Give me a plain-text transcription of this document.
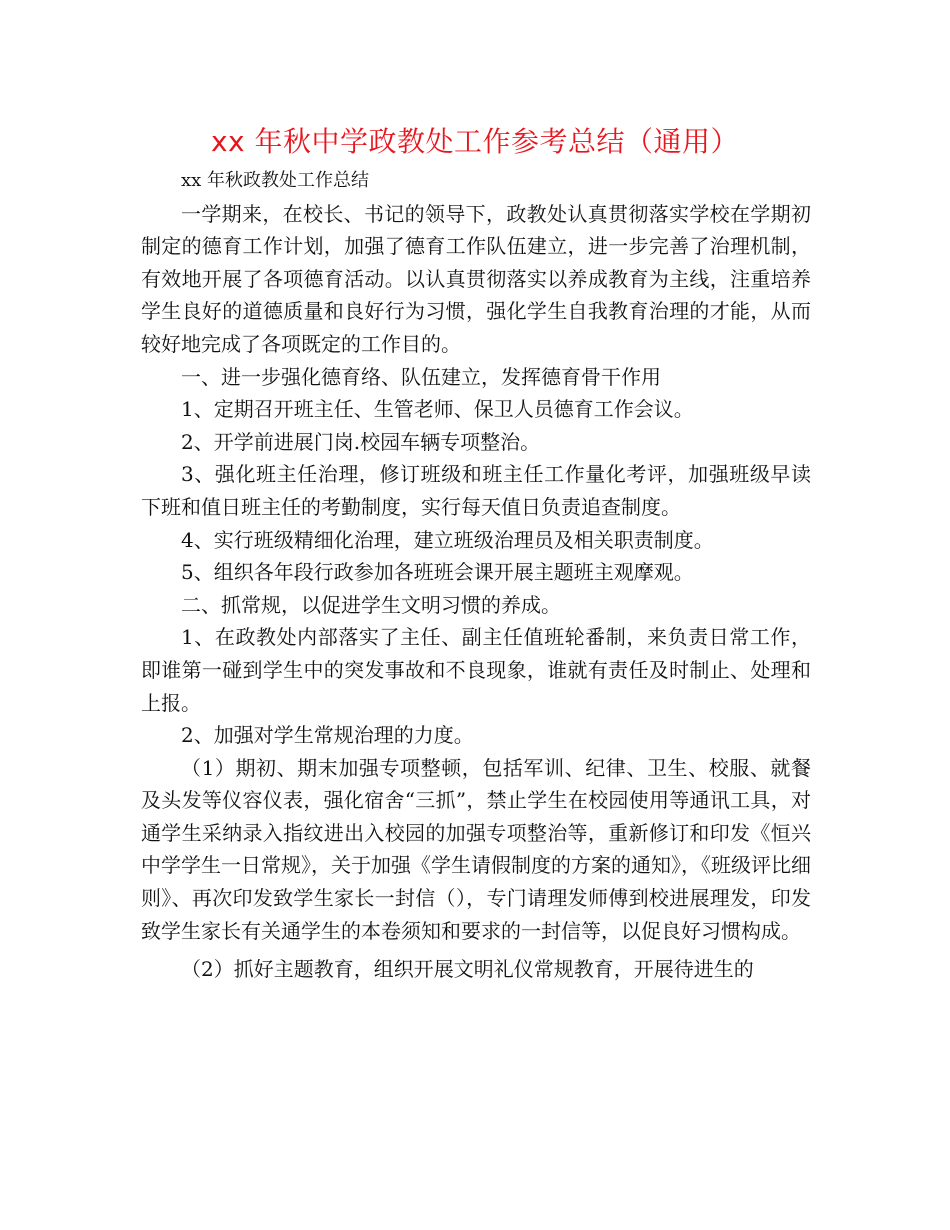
xx 年秋中学政教处工作参考总结（通用）

xx 年秋政教处工作总结

一学期来，在校长、书记的领导下，政教处认真贯彻落实学校在学期初制定的德育工作计划，加强了德育工作队伍建立，进一步完善了治理机制，有效地开展了各项德育活动。以认真贯彻落实以养成教育为主线，注重培养学生良好的道德质量和良好行为习惯，强化学生自我教育治理的才能，从而较好地完成了各项既定的工作目的。

一、进一步强化德育络、队伍建立，发挥德育骨干作用

1、定期召开班主任、生管老师、保卫人员德育工作会议。

2、开学前进展门岗.校园车辆专项整治。

3、强化班主任治理，修订班级和班主任工作量化考评，加强班级早读下班和值日班主任的考勤制度，实行每天值日负责追查制度。

4、实行班级精细化治理，建立班级治理员及相关职责制度。

5、组织各年段行政参加各班班会课开展主题班主观摩观。

二、抓常规，以促进学生文明习惯的养成。

1、在政教处内部落实了主任、副主任值班轮番制，来负责日常工作，即谁第一碰到学生中的突发事故和不良现象，谁就有责任及时制止、处理和上报。

2、加强对学生常规治理的力度。

（1）期初、期末加强专项整顿，包括军训、纪律、卫生、校服、就餐及头发等仪容仪表，强化宿舍“三抓”，禁止学生在校园使用等通讯工具，对通学生采纳录入指纹进出入校园的加强专项整治等，重新修订和印发《恒兴中学学生一日常规》，关于加强《学生请假制度的方案的通知》，《班级评比细则》、再次印发致学生家长一封信（），专门请理发师傅到校进展理发，印发致学生家长有关通学生的本卷须知和要求的一封信等，以促良好习惯构成。

（2）抓好主题教育，组织开展文明礼仪常规教育，开展待进生的
